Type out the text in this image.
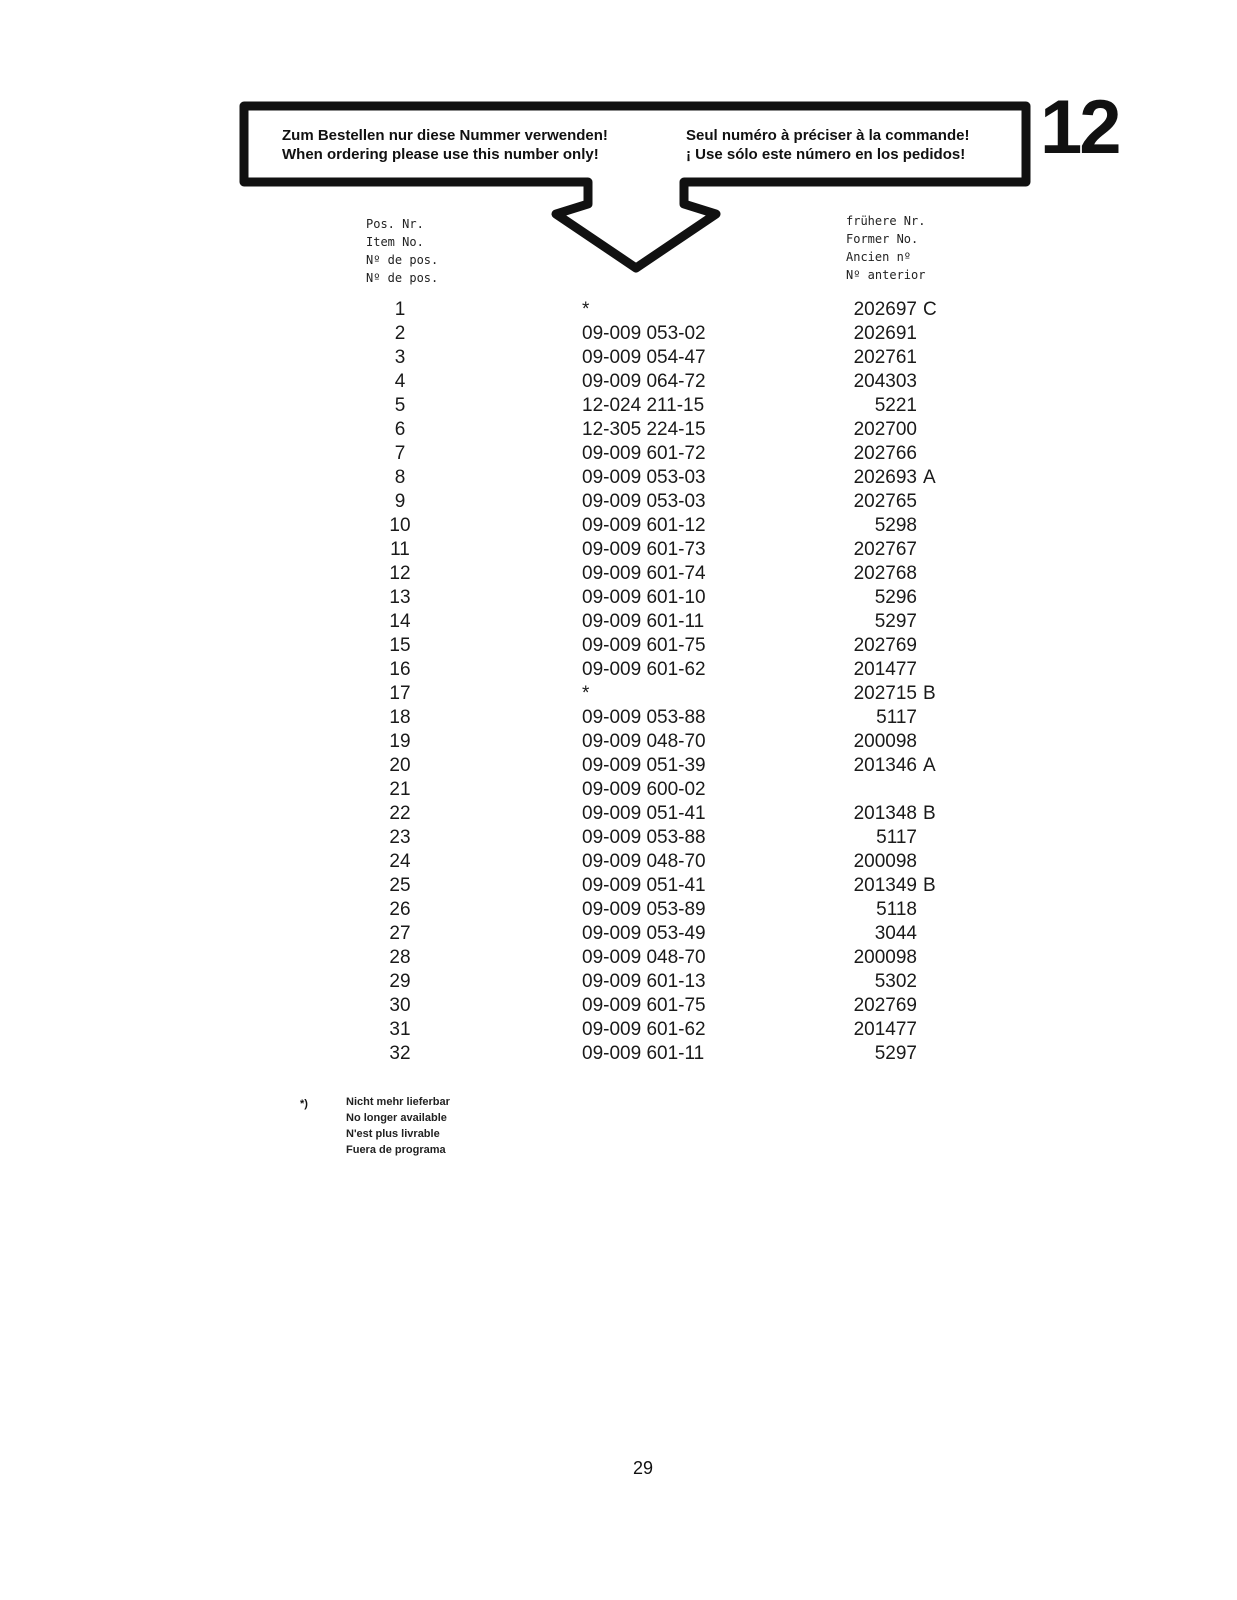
Zum Bestellen nur diese Nummer verwenden!
When ordering please use this number only!
Seul numéro à préciser à la commande!
¡ Use sólo este número en los pedidos! 12
Pos. Nr.
Item No.
Nº de pos.
Nº de pos.
frühere Nr.
Former No.
Ancien nº
Nº anterior
1	*	202697 C
2	09-009 053-02	202691
3	09-009 054-47	202761
4	09-009 064-72	204303
5	12-024 211-15	5221
6	12-305 224-15	202700
7	09-009 601-72	202766
8	09-009 053-03	202693 A
9	09-009 053-03	202765
10	09-009 601-12	5298
11	09-009 601-73	202767
12	09-009 601-74	202768
13	09-009 601-10	5296
14	09-009 601-11	5297
15	09-009 601-75	202769
16	09-009 601-62	201477
17	*	202715 B
18	09-009 053-88	5117
19	09-009 048-70	200098
20	09-009 051-39	201346 A
21	09-009 600-02
22	09-009 051-41	201348 B
23	09-009 053-88	5117
24	09-009 048-70	200098
25	09-009 051-41	201349 B
26	09-009 053-89	5118
27	09-009 053-49	3044
28	09-009 048-70	200098
29	09-009 601-13	5302
30	09-009 601-75	202769
31	09-009 601-62	201477
32	09-009 601-11	5297
*)	Nicht mehr lieferbar
No longer available
N'est plus livrable
Fuera de programa
29
